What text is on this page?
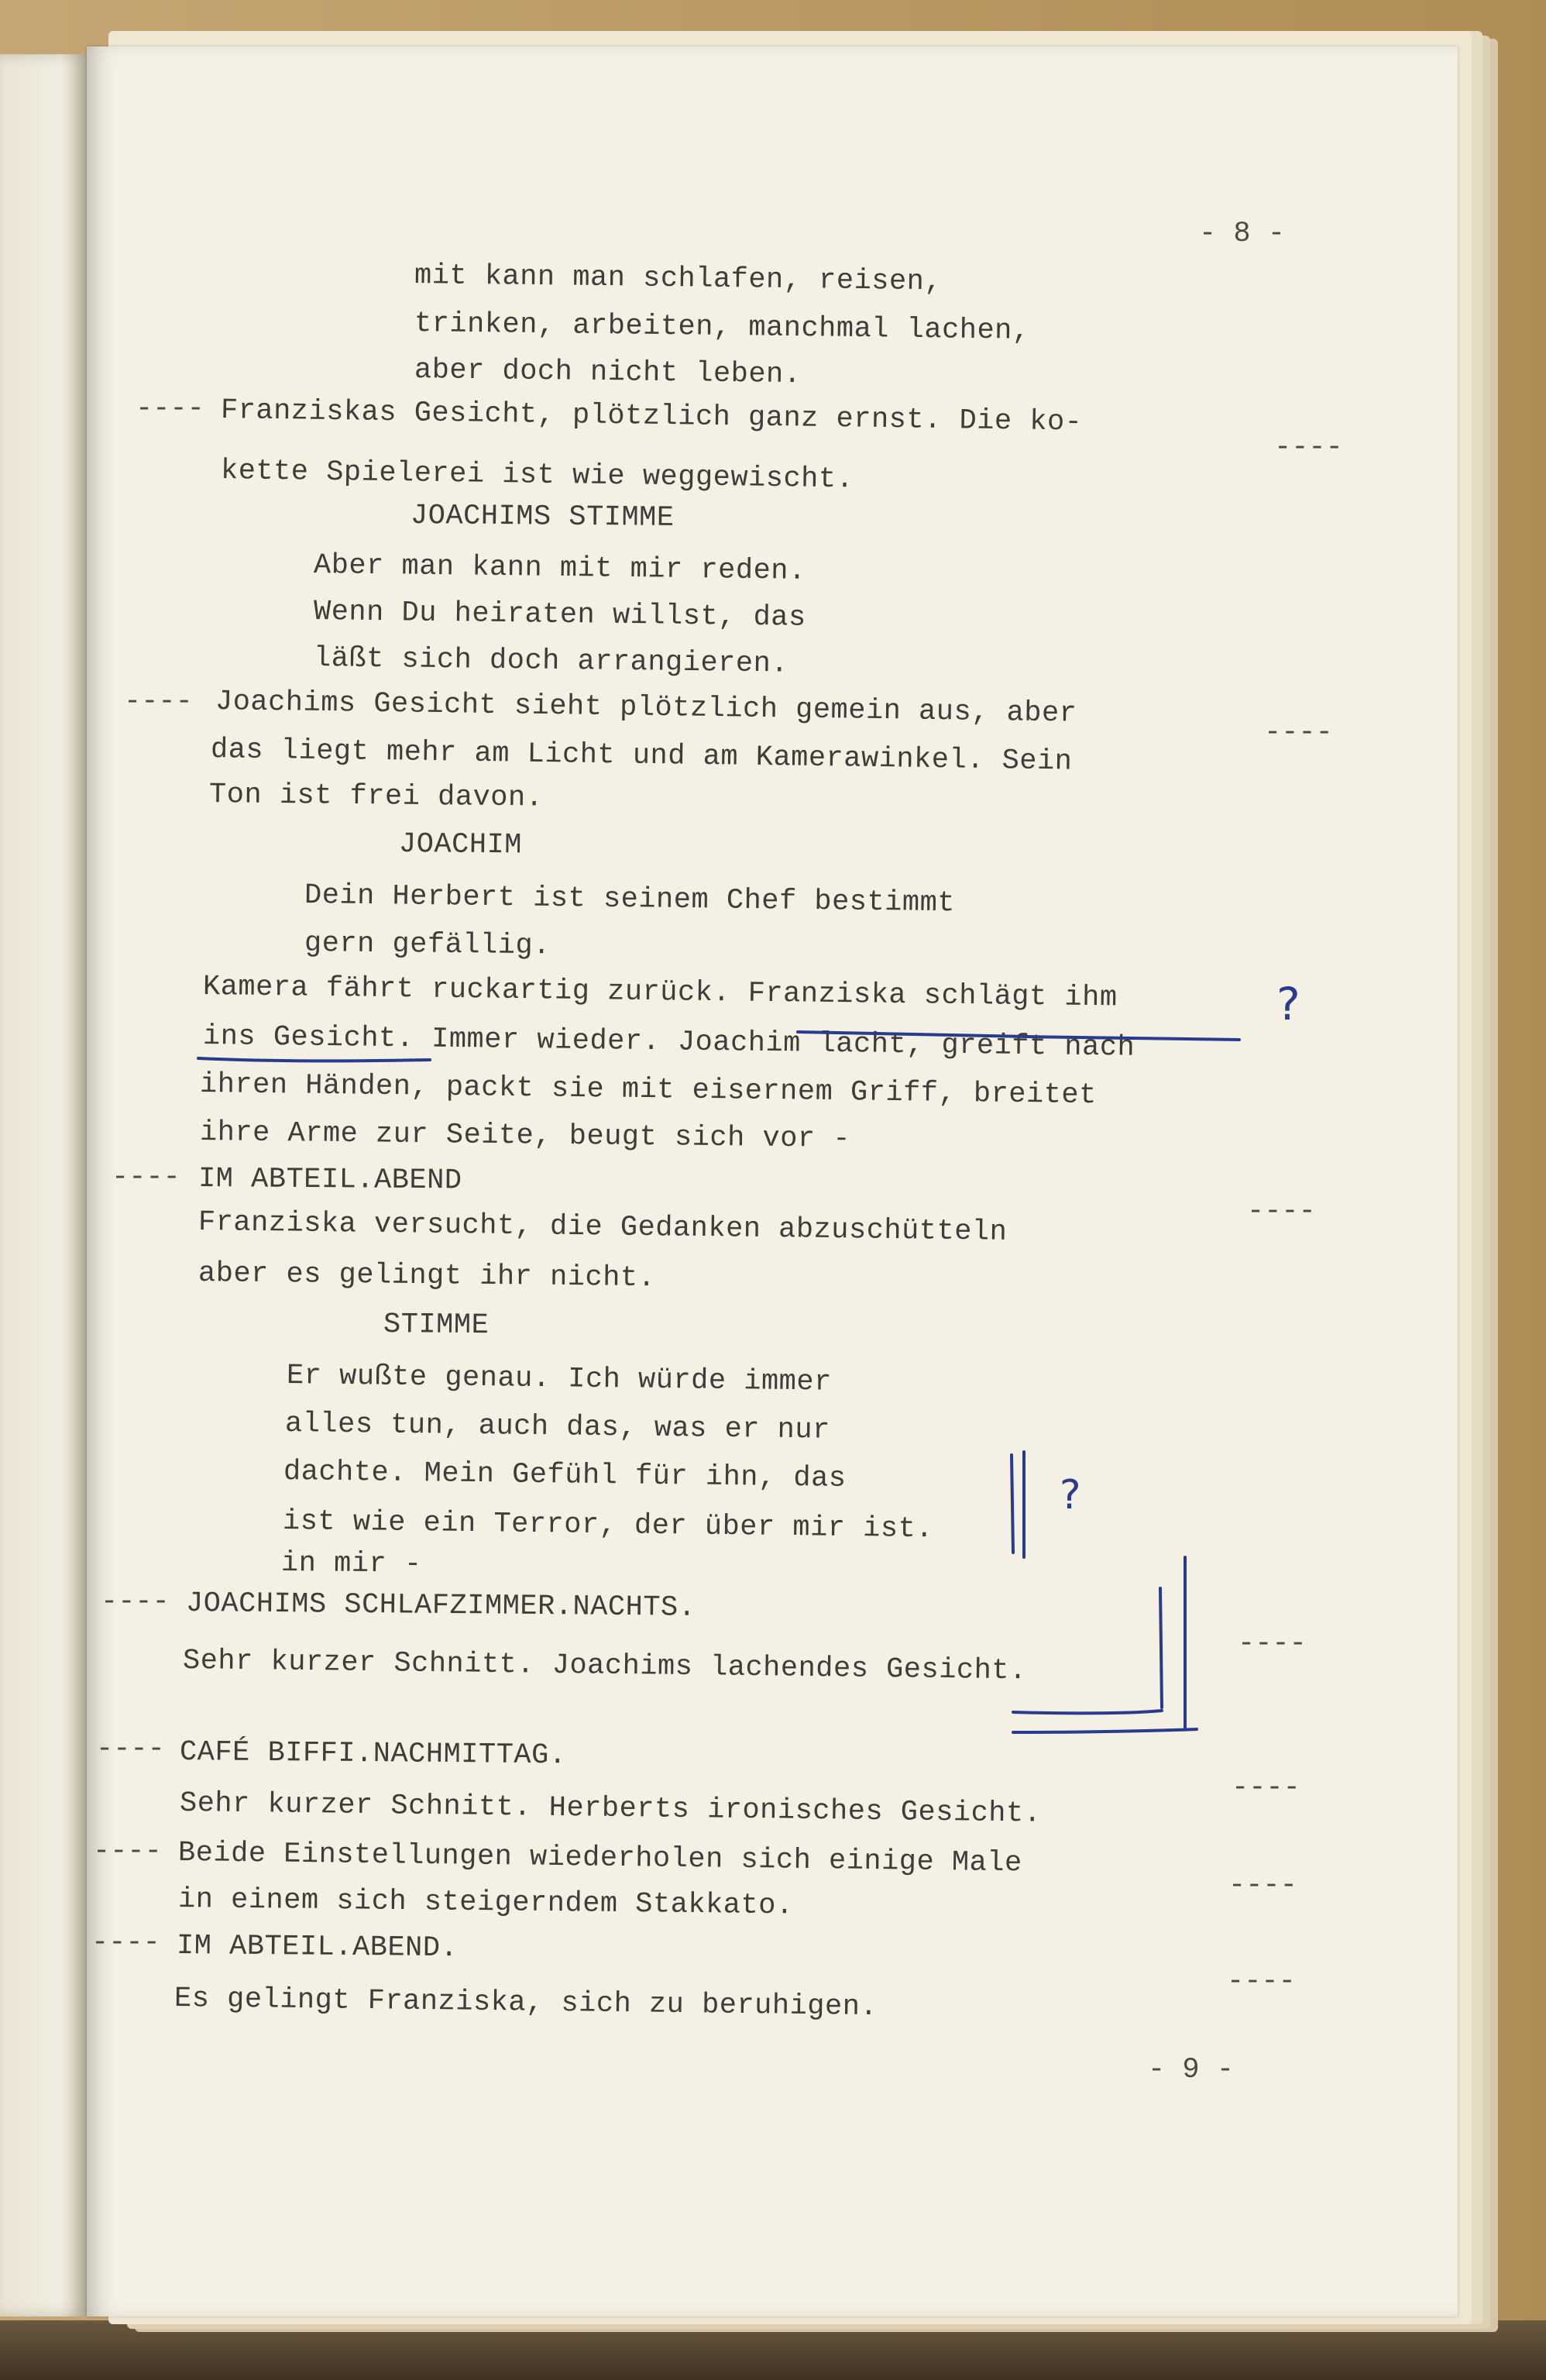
- 8 -
- 9 -
----
----
----
----
----
----
----
----
----
----
----
----
----
----
mit kann man schlafen, reisen,
trinken, arbeiten, manchmal lachen,
aber doch nicht leben.
Franziskas Gesicht, plötzlich ganz ernst. Die ko-
kette Spielerei ist wie weggewischt.
JOACHIMS STIMME
Aber man kann mit mir reden.
Wenn Du heiraten willst, das
läßt sich doch arrangieren.
Joachims Gesicht sieht plötzlich gemein aus, aber
das liegt mehr am Licht und am Kamerawinkel. Sein
Ton ist frei davon.
JOACHIM
Dein Herbert ist seinem Chef bestimmt
gern gefällig.
Kamera fährt ruckartig zurück. Franziska schlägt ihm
ins Gesicht. Immer wieder. Joachim lacht, greift nach
ihren Händen, packt sie mit eisernem Griff, breitet
ihre Arme zur Seite, beugt sich vor -
IM ABTEIL.ABEND
Franziska versucht, die Gedanken abzuschütteln
aber es gelingt ihr nicht.
STIMME
Er wußte genau. Ich würde immer
alles tun, auch das, was er nur
dachte. Mein Gefühl für ihn, das
ist wie ein Terror, der über mir ist.
in mir -
JOACHIMS SCHLAFZIMMER.NACHTS.
Sehr kurzer Schnitt. Joachims lachendes Gesicht.
CAFÉ BIFFI.NACHMITTAG.
Sehr kurzer Schnitt. Herberts ironisches Gesicht.
Beide Einstellungen wiederholen sich einige Male
in einem sich steigerndem Stakkato.
IM ABTEIL.ABEND.
Es gelingt Franziska, sich zu beruhigen.
?
?
